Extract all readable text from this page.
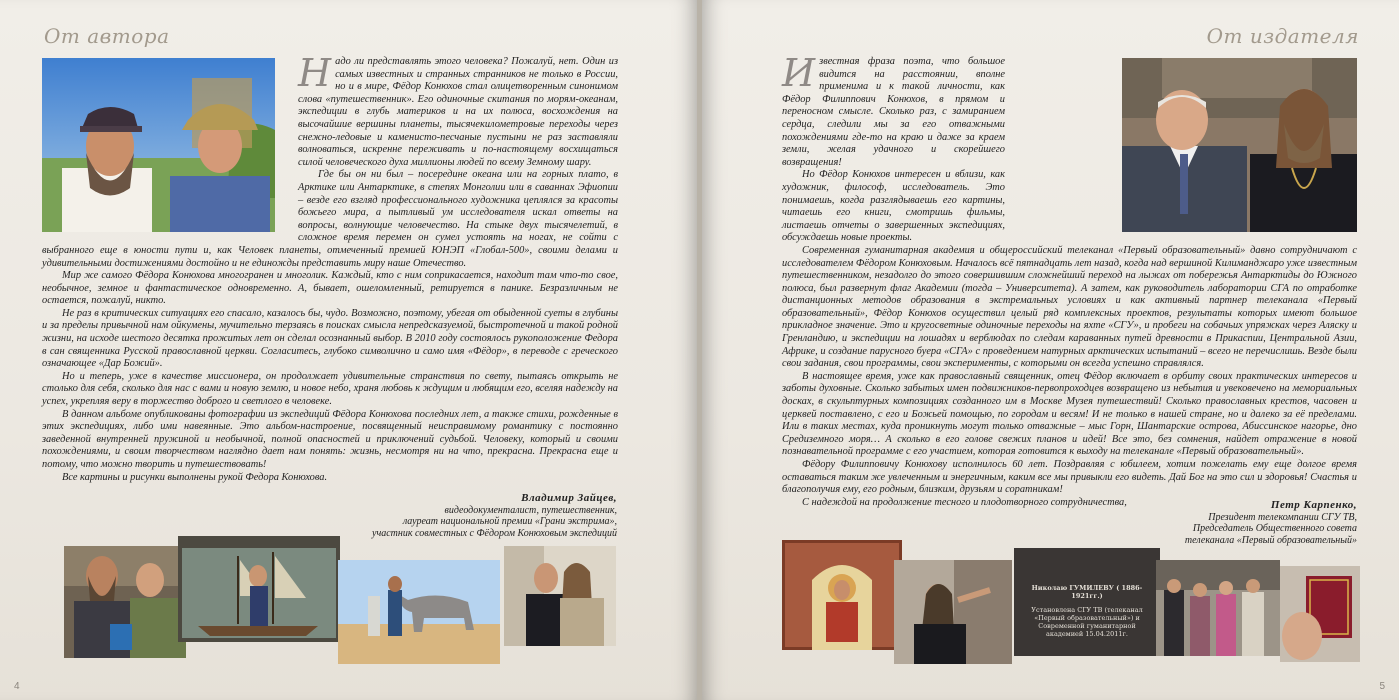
От автора
Н адо ли представлять этого человека? Пожалуй, нет. Один из самых известных и странных странников не только в России, но и в мире, Фёдор Конюхов стал олицетворенным синонимом слова «путешественник». Его одиночные скитания по морям-океанам, экспедиции в глубь материков и на их полюса, восхождения на высочайшие вершины планеты, тысячекилометровые переходы через снежно-ледовые и каменисто-песчаные пустыни не раз заставляли волноваться, искренне переживать и по-настоящему восхищаться силой человеческого духа миллионы людей по всему Земному шару.

Где бы он ни был – посередине океана или на горных плато, в Арктике или Антарктике, в степях Монголии или в саваннах Эфиопии – везде его взгляд профессионального художника цеплялся за красоты божьего мира, а пытливый ум исследователя искал ответы на вопросы, волнующие человечество. На стыке двух тысячелетий, в сложное время перемен он сумел устоять на ногах, не сойти с выбранного еще в юности пути и, как Человек планеты, отмеченный премией ЮНЭП «Глобал-500», своими делами и удивительными достижениями достойно и не единожды представить миру наше Отечество.

Мир же самого Фёдора Конюхова многогранен и многолик. Каждый, кто с ним соприкасается, находит там что-то свое, необычное, земное и фантастическое одновременно. А, бывает, ошеломленный, ретируется в панике. Безразличным не остается, пожалуй, никто.

Не раз в критических ситуациях его спасало, казалось бы, чудо. Возможно, поэтому, убегая от обыденной суеты в глубины и за пределы привычной нам ойкумены, мучительно терзаясь в поисках смысла непредсказуемой, быстротечной и такой родной жизни, на исходе шестого десятка прожитых лет он сделал осознанный выбор. В 2010 году состоялось рукоположение Федора в сан священника Русской православной церкви. Согласитесь, глубоко символично и само имя «Фёдор», в переводе с греческого означающее «Дар Божий».

Но и теперь, уже в качестве миссионера, он продолжает удивительные странствия по свету, пытаясь открыть не столько для себя, сколько для нас с вами и новую землю, и новое небо, храня любовь к ждущим и любящим его, вселяя надежду на успех, укрепляя веру в торжество доброго и светлого в человеке.

В данном альбоме опубликованы фотографии из экспедиций Фёдора Конюхова последних лет, а также стихи, рожденные в этих экспедициях, либо ими навеянные. Это альбом-настроение, посвященный неисправимому романтику с постоянно заведенной внутренней пружиной и необычной, полной опасностей и приключений судьбой. Человеку, который и своими похождениями, и своим творчеством наглядно дает нам понять: жизнь, несмотря ни на что, прекрасна. Прекрасна еще и потому, что можно творить и путешествовать!

Все картины и рисунки выполнены рукой Федора Конюхова.

Владимир Зайцев,
видеодокументалист, путешественник,
лауреат национальной премии «Грани экстрима»,
участник совместных с Фёдором Конюховым экспедиций
4
От издателя
И звестная фраза поэта, что большое видится на расстоянии, вполне применима и к такой личности, как Фёдор Филиппович Конюхов, в прямом и переносном смысле. Сколько раз, с замиранием сердца, следили мы за его отважными похождениями где-то на краю и даже за краем земли, желая удачного и скорейшего возвращения!

Но Фёдор Конюхов интересен и вблизи, как художник, философ, исследователь. Это понимаешь, когда разглядываешь его картины, читаешь его книги, смотришь фильмы, листаешь отчеты о завершенных экспедициях, обсуждаешь новые проекты.

Современная гуманитарная академия и общероссийский телеканал «Первый образовательный» давно сотрудничают с исследователем Фёдором Конюховым. Началось всё пятнадцать лет назад, когда над вершиной Килиманджаро уже известным путешественником, незадолго до этого совершившим сложнейший переход на лыжах от побережья Антарктиды до Южного полюса, был развернут флаг Академии (тогда – Университета). А затем, как руководитель лаборатории СГА по отработке дистанционных методов образования в экстремальных условиях и как активный партнер телеканала «Первый образовательный», Фёдор Конюхов осуществил целый ряд комплексных проектов, результаты которых имеют большое прикладное значение. Это и кругосветные одиночные переходы на яхте «СГУ», и пробеги на собачьих упряжках через Аляску и Гренландию, и экспедиции на лошадях и верблюдах по следам караванных путей древности в Прикаспии, Центральной Азии, Африке, и создание парусного буера «СГА» с проведением натурных арктических испытаний – всего не перечислишь. Везде были свои задания, свои программы, свои эксперименты, с которыми он всегда успешно справлялся.

В настоящее время, уже как православный священник, отец Фёдор включает в орбиту своих практических интересов и заботы духовные. Сколько забытых имен подвижников-первопроходцев возвращено из небытия и увековечено на мемориальных досках, в скульптурных композициях созданного им в Москве Музея путешествий! Сколько православных крестов, часовен и церквей поставлено, с его и Божьей помощью, по городам и весям! И не только в нашей стране, но и далеко за её пределами. Или в таких местах, куда проникнуть могут только отважные – мыс Горн, Шантарские острова, Абиссинское нагорье, дно Средиземного моря… А сколько в его голове свежих планов и идей! Все это, без сомнения, найдет отражение в новой познавательной программе с его участием, которая готовится к выходу на телеканале «Первый образовательный».

Фёдору Филипповичу Конюхову исполнилось 60 лет. Поздравляя с юбилеем, хотим пожелать ему еще долгое время оставаться таким же увлеченным и энергичным, каким все мы привыкли его видеть. Дай Бог на это сил и здоровья! Счастья и благополучия ему, его родным, близким, друзьям и соратникам!

С надеждой на продолжение тесного и плодотворного сотрудничества,	Петр Карпенко,
Президент телекомпании СГУ ТВ,
Председатель Общественного совета
телеканала «Первый образовательный»
Николаю ГУМИЛЕВУ ( 1886-1921гг.)
Установлена СГУ ТВ (телеканал «Первый образовательный») и Современной гуманитарной академией 15.04.2011г.
5
